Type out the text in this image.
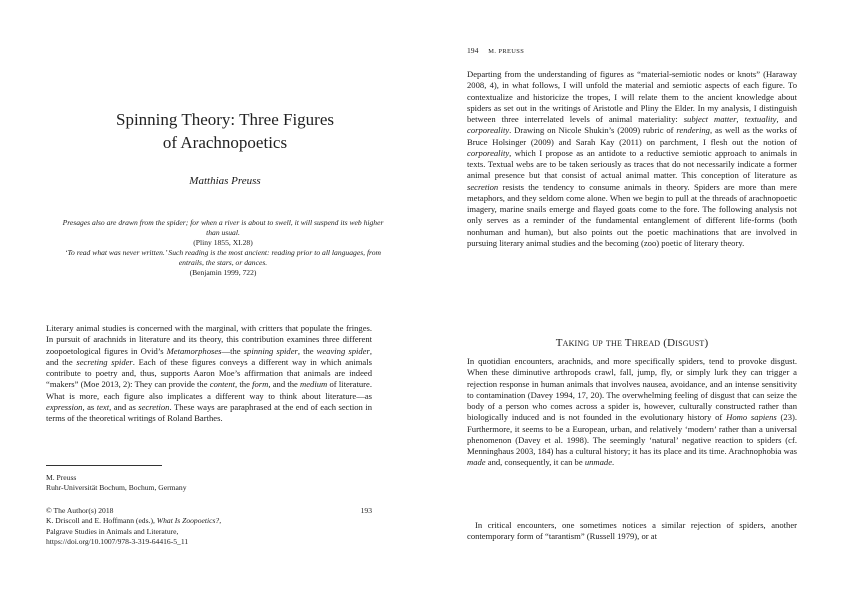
Spinning Theory: Three Figures
of Arachnopoetics
Matthias Preuss
Presages also are drawn from the spider; for when a river is about to swell, it will suspend its web higher than usual.
(Pliny 1855, XI.28)
‘To read what was never written.’ Such reading is the most ancient: reading prior to all languages, from entrails, the stars, or dances.
(Benjamin 1999, 722)

Literary animal studies is concerned with the marginal, with critters that populate the fringes. In pursuit of arachnids in literature and its theory, this contribution examines three different zoopoetological figures in Ovid’s Metamorphoses—the spinning spider, the weaving spider, and the secreting spider. Each of these figures conveys a different way in which animals contribute to poetry and, thus, supports Aaron Moe’s affirmation that animals are indeed “makers” (Moe 2013, 2): They can provide the content, the form, and the medium of literature. What is more, each figure also implicates a different way to think about literature—as expression, as text, and as secretion. These ways are paraphrased at the end of each section in terms of the theoretical writings of Roland Barthes.

M. Preuss
Ruhr-Universität Bochum, Bochum, Germany
© The Author(s) 2018	193
K. Driscoll and E. Hoffmann (eds.), What Is Zoopoetics?,
Palgrave Studies in Animals and Literature,
https://doi.org/10.1007/978-3-319-64416-5_11
194 M. PREUSS

Departing from the understanding of figures as “material-semiotic nodes or knots” (Haraway 2008, 4), in what follows, I will unfold the material and semiotic aspects of each figure. To contextualize and historicize the tropes, I will relate them to the ancient knowledge about spiders as set out in the writings of Aristotle and Pliny the Elder. In my analysis, I distinguish between three interrelated levels of animal materiality: subject matter, textuality, and corporeality. Drawing on Nicole Shukin’s (2009) rubric of rendering, as well as the works of Bruce Holsinger (2009) and Sarah Kay (2011) on parchment, I flesh out the notion of corporeality, which I propose as an antidote to a reductive semiotic approach to animals in texts. Textual webs are to be taken seriously as traces that do not necessarily indicate a former animal presence but that consist of actual animal matter. This conception of literature as secretion resists the tendency to consume animals in theory. Spiders are more than mere metaphors, and they seldom come alone. When we begin to pull at the threads of arachnopoetic imagery, marine snails emerge and flayed goats come to the fore. The following analysis not only serves as a reminder of the fundamental entanglement of different life-forms (both nonhuman and human), but also points out the poetic machinations that are involved in pursuing literary animal studies and the becoming (zoo) poetic of literary theory.

Taking up the Thread (Disgust)

In quotidian encounters, arachnids, and more specifically spiders, tend to provoke disgust. When these diminutive arthropods crawl, fall, jump, fly, or simply lurk they can trigger a rejection response in human animals that involves nausea, avoidance, and an intense sensitivity to contamination (Davey 1994, 17, 20). The overwhelming feeling of disgust that can seize the body of a person who comes across a spider is, however, culturally constructed rather than biologically induced and is not founded in the evolutionary history of Homo sapiens (23). Furthermore, it seems to be a European, urban, and relatively ‘modern’ rather than a universal phenomenon (Davey et al. 1998). The seemingly ‘natural’ negative reaction to spiders (cf. Menninghaus 2003, 184) has a cultural history; it has its place and its time. Arachnophobia was made and, consequently, it can be unmade.

In critical encounters, one sometimes notices a similar rejection of spiders, another contemporary form of “tarantism” (Russell 1979), or at
